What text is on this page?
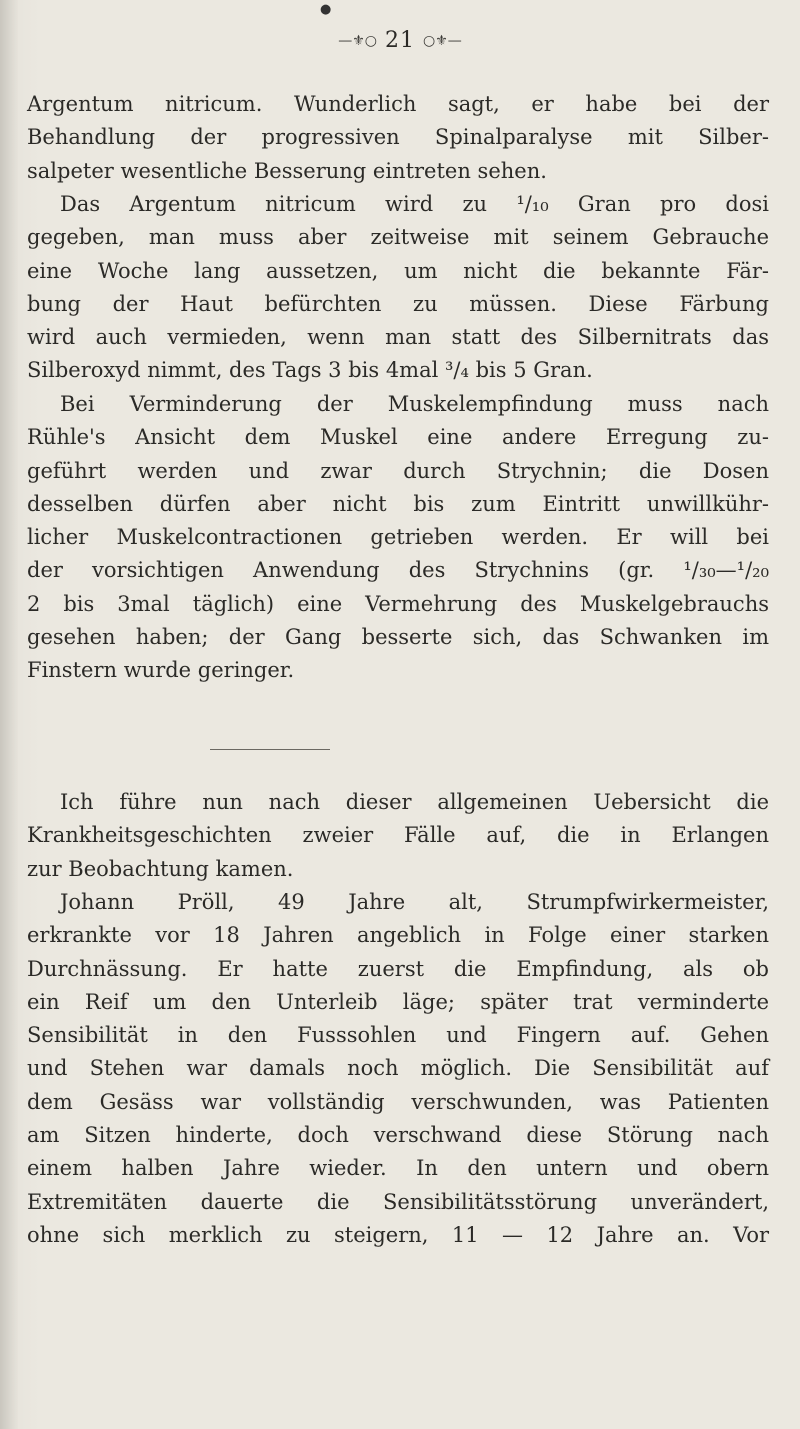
●
—⚜︎○ 21 ○⚜︎—
Argentum nitricum. Wunderlich sagt, er habe bei der
Behandlung der progressiven Spinalparalyse mit Silber-
salpeter wesentliche Besserung eintreten sehen.
Das Argentum nitricum wird zu ¹/₁₀ Gran pro dosi
gegeben, man muss aber zeitweise mit seinem Gebrauche
eine Woche lang aussetzen, um nicht die bekannte Fär-
bung der Haut befürchten zu müssen. Diese Färbung
wird auch vermieden, wenn man statt des Silbernitrats das
Silberoxyd nimmt, des Tags 3 bis 4mal ³/₄ bis 5 Gran.
Bei Verminderung der Muskelempfindung muss nach
Rühle's Ansicht dem Muskel eine andere Erregung zu-
geführt werden und zwar durch Strychnin; die Dosen
desselben dürfen aber nicht bis zum Eintritt unwillkühr-
licher Muskelcontractionen getrieben werden. Er will bei
der vorsichtigen Anwendung des Strychnins (gr. ¹/₃₀—¹/₂₀
2 bis 3mal täglich) eine Vermehrung des Muskelgebrauchs
gesehen haben; der Gang besserte sich, das Schwanken im
Finstern wurde geringer.
Ich führe nun nach dieser allgemeinen Uebersicht die
Krankheitsgeschichten zweier Fälle auf, die in Erlangen
zur Beobachtung kamen.
Johann Pröll, 49 Jahre alt, Strumpfwirkermeister,
erkrankte vor 18 Jahren angeblich in Folge einer starken
Durchnässung. Er hatte zuerst die Empfindung, als ob
ein Reif um den Unterleib läge; später trat verminderte
Sensibilität in den Fusssohlen und Fingern auf. Gehen
und Stehen war damals noch möglich. Die Sensibilität auf
dem Gesäss war vollständig verschwunden, was Patienten
am Sitzen hinderte, doch verschwand diese Störung nach
einem halben Jahre wieder. In den untern und obern
Extremitäten dauerte die Sensibilitätsstörung unverändert,
ohne sich merklich zu steigern, 11 — 12 Jahre an. Vor
